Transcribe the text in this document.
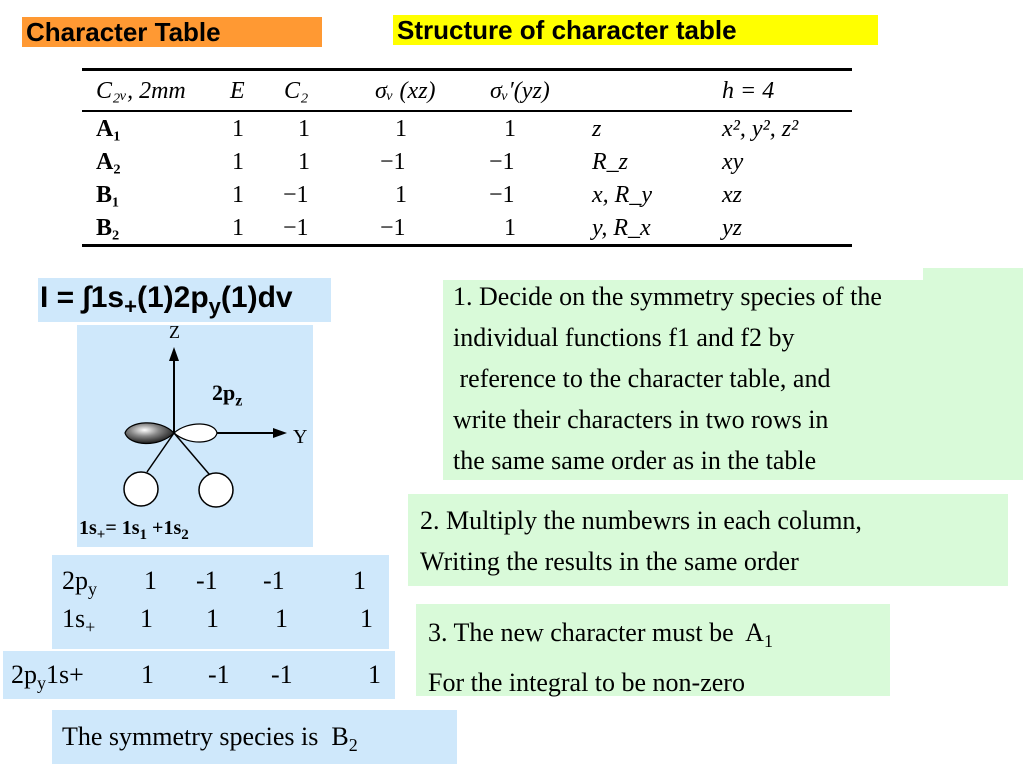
Character Table	Structure of character table
C₂ᵥ, 2mm E C₂	σᵥ (xz) σᵥ′(yz)	h = 4
A₁	1 1	1	1	z	x², y², z²
A₂	1 1	−1	−1	R_z	xy
B₁	1 −1	1	−1	x, R_y	xz
B₂	1 −1	−1	1	y, R_x	yz
$I = \int 1s_+(1)2p_y(1)dv$
Z
Y
$2p_z$
$1s_+= 1s_1 +1s_2$
1. Decide on the symmetry species of the
individual functions f1 and f2 by
reference to the character table, and
write their characters in two rows in
the same same order as in the table
2. Multiply the numbewrs in each column,
Writing the results in the same order
3. The new character must be  $A_1$
For the integral to be non-zero
$2p_y$ 1 -1 -1	1
$1s_+$ 1 1 1	1
$2p_y1s+ 1$ -1 -1	1
The symmetry species is  $B_2$
